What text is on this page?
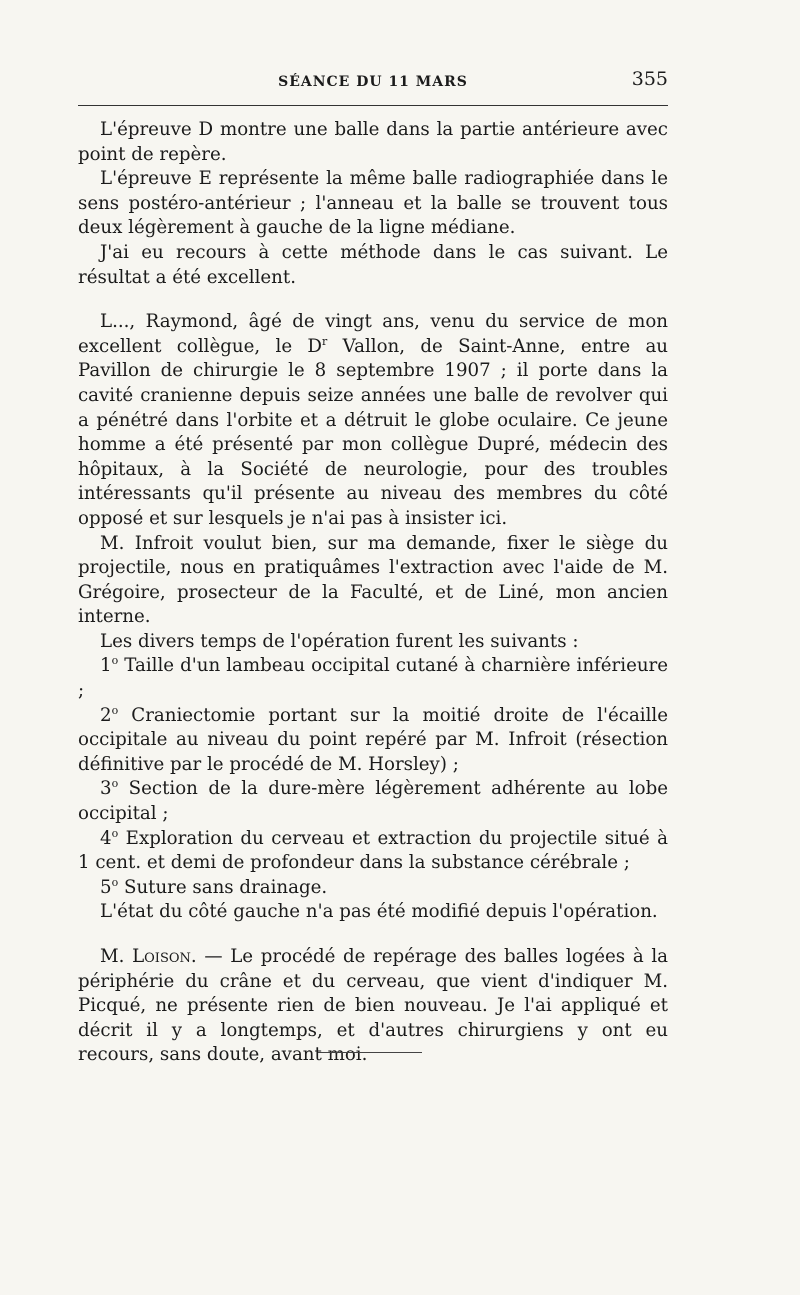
SÉANCE DU 11 MARS	355

L'épreuve D montre une balle dans la partie antérieure avec point de repère.

L'épreuve E représente la même balle radiographiée dans le sens postéro-antérieur ; l'anneau et la balle se trouvent tous deux légèrement à gauche de la ligne médiane.

J'ai eu recours à cette méthode dans le cas suivant. Le résultat a été excellent.

L..., Raymond, âgé de vingt ans, venu du service de mon excellent collègue, le $D^r$ Vallon, de Saint-Anne, entre au Pavillon de chirurgie le 8 septembre 1907 ; il porte dans la cavité cranienne depuis seize années une balle de revolver qui a pénétré dans l'orbite et a détruit le globe oculaire. Ce jeune homme a été présenté par mon collègue Dupré, médecin des hôpitaux, à la Société de neurologie, pour des troubles intéressants qu'il présente au niveau des membres du côté opposé et sur lesquels je n'ai pas à insister ici.

M. Infroit voulut bien, sur ma demande, fixer le siège du projectile, nous en pratiquâmes l'extraction avec l'aide de M. Grégoire, prosecteur de la Faculté, et de Liné, mon ancien interne.

Les divers temps de l'opération furent les suivants :

1$^o$ Taille d'un lambeau occipital cutané à charnière inférieure ;

2$^o$ Craniectomie portant sur la moitié droite de l'écaille occipitale au niveau du point repéré par M. Infroit (résection définitive par le procédé de M. Horsley) ;

3$^o$ Section de la dure-mère légèrement adhérente au lobe occipital ;

4$^o$ Exploration du cerveau et extraction du projectile situé à 1 cent. et demi de profondeur dans la substance cérébrale ;

5$^o$ Suture sans drainage.

L'état du côté gauche n'a pas été modifié depuis l'opération.

M. Loison. — Le procédé de repérage des balles logées à la périphérie du crâne et du cerveau, que vient d'indiquer M. Picqué, ne présente rien de bien nouveau. Je l'ai appliqué et décrit il y a longtemps, et d'autres chirurgiens y ont eu recours, sans doute, avant moi.
